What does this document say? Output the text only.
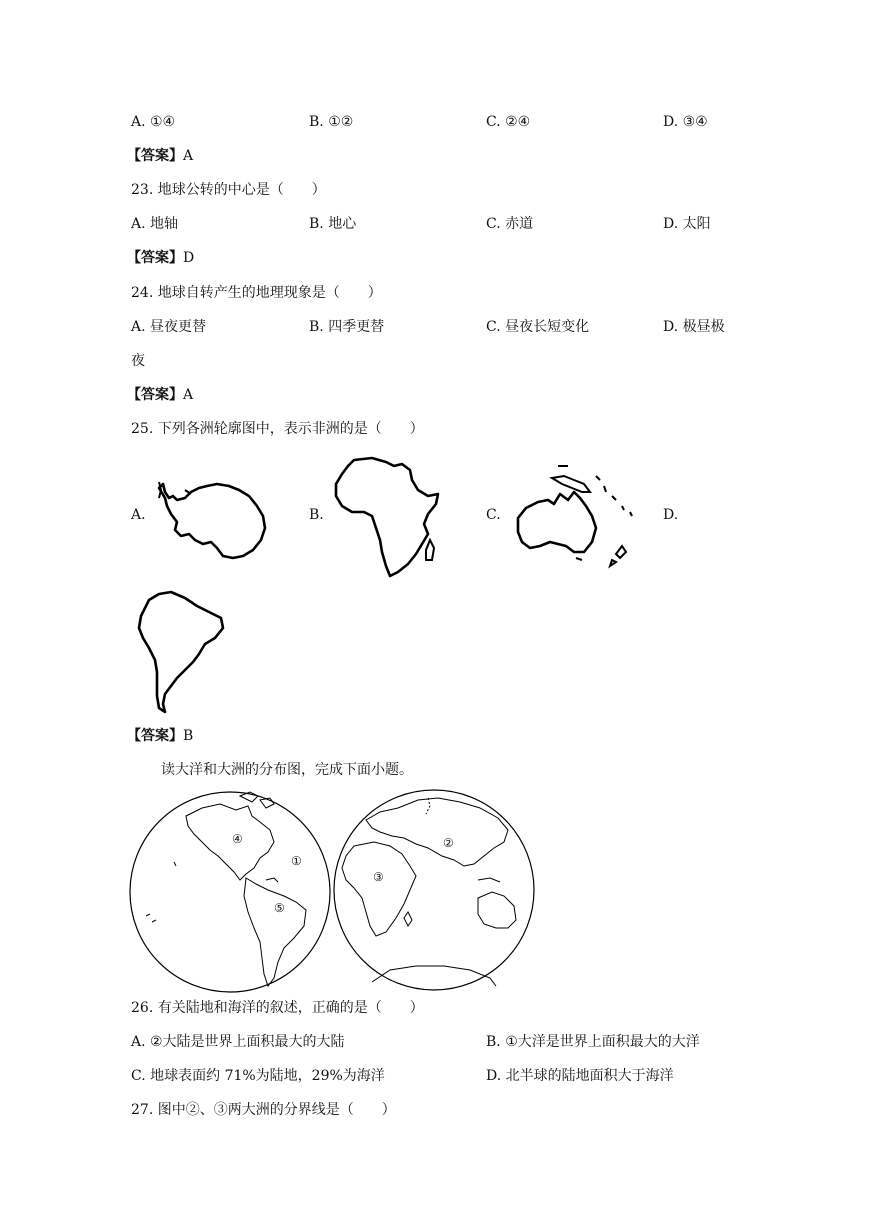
A. ①④	B. ①②	C. ②④	D. ③④
【答案】A
23. 地球公转的中心是（　　）
A. 地轴	B. 地心	C. 赤道	D. 太阳
【答案】D
24. 地球自转产生的地理现象是（　　）
A. 昼夜更替	B. 四季更替	C. 昼夜长短变化	D. 极昼极
夜
【答案】A
25. 下列各洲轮廓图中，表示非洲的是（　　）
A.	B.	C.	D.
【答案】B
读大洋和大洲的分布图，完成下面小题。
④
①
②
③
⑤
26. 有关陆地和海洋的叙述，正确的是（　　）
A. ②大陆是世界上面积最大的大陆	B. ①大洋是世界上面积最大的大洋
C. 地球表面约 71%为陆地，29%为海洋	D. 北半球的陆地面积大于海洋
27. 图中②、③两大洲的分界线是（　　）
